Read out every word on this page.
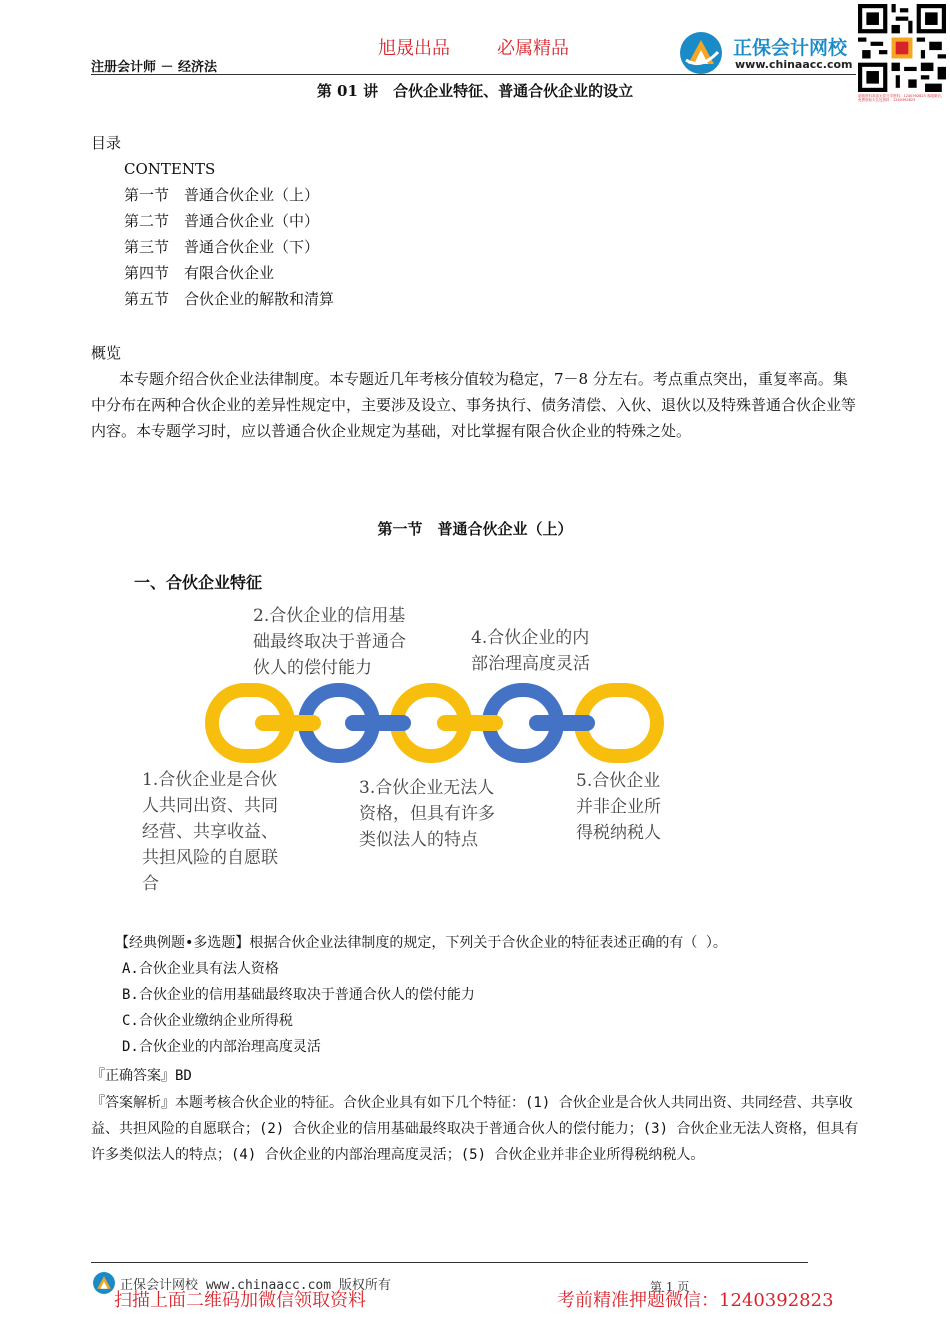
旭晟出品	必属精品
注册会计师 － 经济法
正保会计网校
www.chinaacc.com
超值资料高清无偿分享资料：1240392823 客服微信、免费领取大礼包资料：1240392823
第 01 讲　合伙企业特征、普通合伙企业的设立
目录
CONTENTS
第一节　普通合伙企业（上）
第二节　普通合伙企业（中）
第三节　普通合伙企业（下）
第四节　有限合伙企业
第五节　合伙企业的解散和清算
概览
本专题介绍合伙企业法律制度。本专题近几年考核分值较为稳定，7－8 分左右。考点重点突出，重复率高。集中分布在两种合伙企业的差异性规定中，主要涉及设立、事务执行、债务清偿、入伙、退伙以及特殊普通合伙企业等内容。本专题学习时，应以普通合伙企业规定为基础，对比掌握有限合伙企业的特殊之处。
第一节　普通合伙企业（上）
一、合伙企业特征
2.合伙企业的信用基
础最终取决于普通合
伙人的偿付能力
4.合伙企业的内
部治理高度灵活
1.合伙企业是合伙
人共同出资、共同
经营、共享收益、
共担风险的自愿联
合
3.合伙企业无法人
资格，但具有许多
类似法人的特点
5.合伙企业
并非企业所
得税纳税人
【经典例题•多选题】根据合伙企业法律制度的规定，下列关于合伙企业的特征表述正确的有（ ）。
A.合伙企业具有法人资格
B.合伙企业的信用基础最终取决于普通合伙人的偿付能力
C.合伙企业缴纳企业所得税
D.合伙企业的内部治理高度灵活
『正确答案』BD
『答案解析』本题考核合伙企业的特征。合伙企业具有如下几个特征：(1) 合伙企业是合伙人共同出资、共同经营、共享收益、共担风险的自愿联合；(2) 合伙企业的信用基础最终取决于普通合伙人的偿付能力；(3) 合伙企业无法人资格，但具有许多类似法人的特点；(4) 合伙企业的内部治理高度灵活；(5) 合伙企业并非企业所得税纳税人。
正保会计网校 www.chinaacc.com 版权所有	第 1 页
扫描上面二维码加微信领取资料	考前精准押题微信：1240392823
